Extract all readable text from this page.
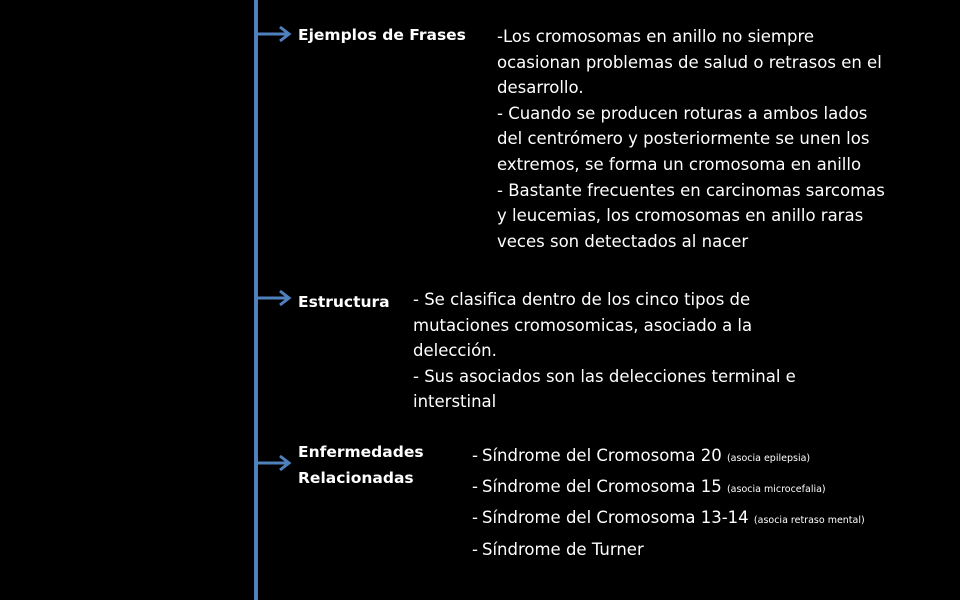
Ejemplos de Frases -Los cromosomas en anillo no siempre
ocasionan problemas de salud o retrasos en el
desarrollo.
- Cuando se producen roturas a ambos lados
del centrómero y posteriormente se unen los
extremos, se forma un cromosoma en anillo
- Bastante frecuentes en carcinomas sarcomas
y leucemias, los cromosomas en anillo raras
veces son detectados al nacer
Estructura - Se clasifica dentro de los cinco tipos de
mutaciones cromosomicas, asociado a la
delección.
- Sus asociados son las delecciones terminal e
interstinal
Enfermedades
Relacionadas
- Síndrome del Cromosoma 20 (asocia epilepsia)
- Síndrome del Cromosoma 15 (asocia microcefalia)
- Síndrome del Cromosoma 13-14 (asocia retraso mental)
- Síndrome de Turner
